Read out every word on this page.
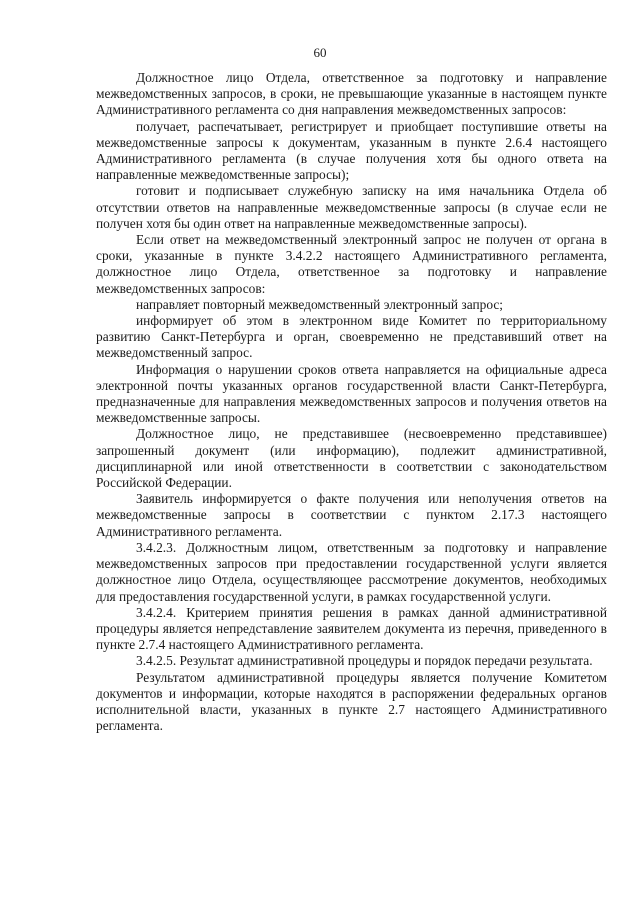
60

Должностное лицо Отдела, ответственное за подготовку и направление межведомственных запросов, в сроки, не превышающие указанные в настоящем пункте Административного регламента со дня направления межведомственных запросов:

получает, распечатывает, регистрирует и приобщает поступившие ответы на межведомственные запросы к документам, указанным в пункте 2.6.4 настоящего Административного регламента (в случае получения хотя бы одного ответа на направленные межведомственные запросы);

готовит и подписывает служебную записку на имя начальника Отдела об отсутствии ответов на направленные межведомственные запросы (в случае если не получен хотя бы один ответ на направленные межведомственные запросы).

Если ответ на межведомственный электронный запрос не получен от органа в сроки, указанные в пункте 3.4.2.2 настоящего Административного регламента, должностное лицо Отдела, ответственное за подготовку и направление межведомственных запросов:

направляет повторный межведомственный электронный запрос;

информирует об этом в электронном виде Комитет по территориальному развитию Санкт-Петербурга и орган, своевременно не представивший ответ на межведомственный запрос.

Информация о нарушении сроков ответа направляется на официальные адреса электронной почты указанных органов государственной власти Санкт-Петербурга, предназначенные для направления межведомственных запросов и получения ответов на межведомственные запросы.

Должностное лицо, не представившее (несвоевременно представившее) запрошенный документ (или информацию), подлежит административной, дисциплинарной или иной ответственности в соответствии с законодательством Российской Федерации.

Заявитель информируется о факте получения или неполучения ответов на межведомственные запросы в соответствии с пунктом 2.17.3 настоящего Административного регламента.

3.4.2.3. Должностным лицом, ответственным за подготовку и направление межведомственных запросов при предоставлении государственной услуги является должностное лицо Отдела, осуществляющее рассмотрение документов, необходимых для предоставления государственной услуги, в рамках государственной услуги.

3.4.2.4. Критерием принятия решения в рамках данной административной процедуры является непредставление заявителем документа из перечня, приведенного в пункте 2.7.4 настоящего Административного регламента.

3.4.2.5. Результат административной процедуры и порядок передачи результата.

Результатом административной процедуры является получение Комитетом документов и информации, которые находятся в распоряжении федеральных органов исполнительной власти, указанных в пункте 2.7 настоящего Административного регламента.
